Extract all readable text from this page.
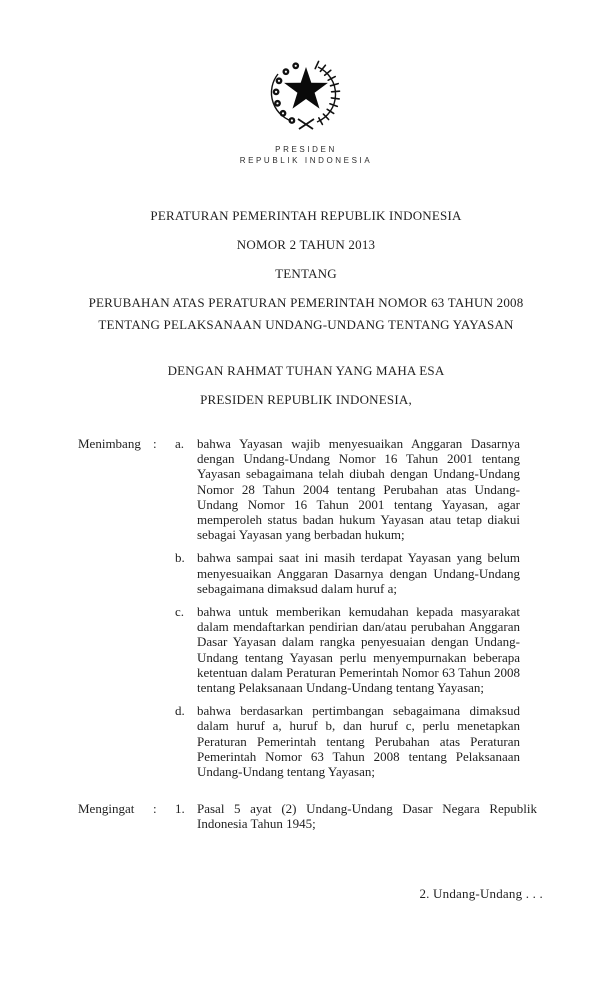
PRESIDEN
REPUBLIK INDONESIA
PERATURAN PEMERINTAH REPUBLIK INDONESIA
NOMOR 2 TAHUN 2013
TENTANG
PERUBAHAN ATAS PERATURAN PEMERINTAH NOMOR 63 TAHUN 2008
TENTANG PELAKSANAAN UNDANG-UNDANG TENTANG YAYASAN
DENGAN RAHMAT TUHAN YANG MAHA ESA
PRESIDEN REPUBLIK INDONESIA,
Menimbang :	a. bahwa Yayasan wajib menyesuaikan Anggaran Dasarnya dengan Undang-Undang Nomor 16 Tahun 2001 tentang Yayasan sebagaimana telah diubah dengan Undang-Undang Nomor 28 Tahun 2004 tentang Perubahan atas Undang-Undang Nomor 16 Tahun 2001 tentang Yayasan, agar memperoleh status badan hukum Yayasan atau tetap diakui sebagai Yayasan yang berbadan hukum;
b. bahwa sampai saat ini masih terdapat Yayasan yang belum menyesuaikan Anggaran Dasarnya dengan Undang-Undang sebagaimana dimaksud dalam huruf a;
c. bahwa untuk memberikan kemudahan kepada masyarakat dalam mendaftarkan pendirian dan/atau perubahan Anggaran Dasar Yayasan dalam rangka penyesuaian dengan Undang-Undang tentang Yayasan perlu menyempurnakan beberapa ketentuan dalam Peraturan Pemerintah Nomor 63 Tahun 2008 tentang Pelaksanaan Undang-Undang tentang Yayasan;
d. bahwa berdasarkan pertimbangan sebagaimana dimaksud dalam huruf a, huruf b, dan huruf c, perlu menetapkan Peraturan Pemerintah tentang Perubahan atas Peraturan Pemerintah Nomor 63 Tahun 2008 tentang Pelaksanaan Undang-Undang tentang Yayasan;
Mengingat	:	1. Pasal 5 ayat (2) Undang-Undang Dasar Negara Republik Indonesia Tahun 1945;
2. Undang-Undang . . .
